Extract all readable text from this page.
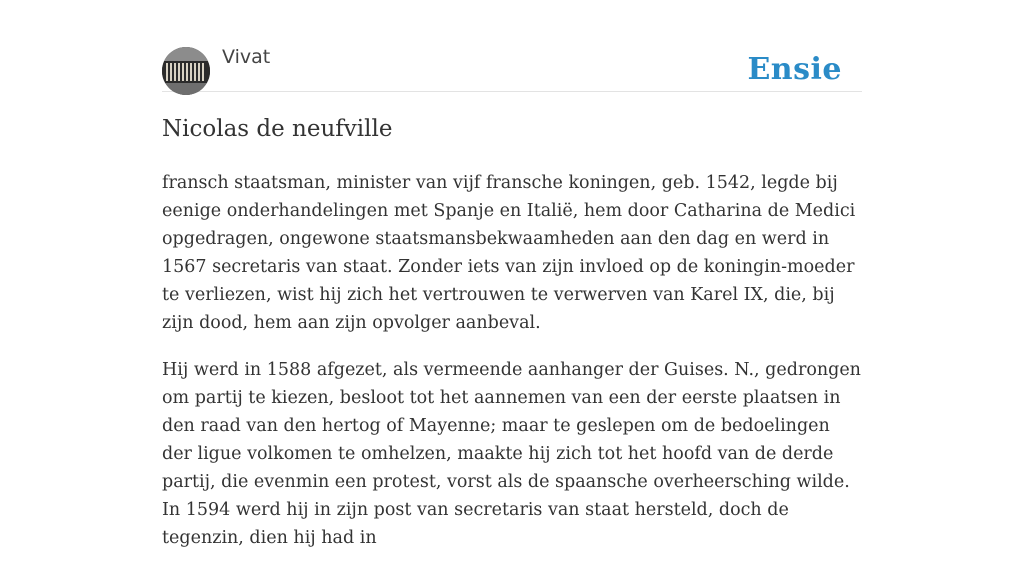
Vivat	Ensie
Nicolas de neufville

fransch staatsman, minister van vijf fransche koningen, geb. 1542, legde bij eenige onderhandelingen met Spanje en Italië, hem door Catharina de Medici opgedragen, ongewone staatsmansbekwaamheden aan den dag en werd in 1567 secretaris van staat. Zonder iets van zijn invloed op de koningin-moeder te verliezen, wist hij zich het vertrouwen te verwerven van Karel IX, die, bij zijn dood, hem aan zijn opvolger aanbeval.

Hij werd in 1588 afgezet, als vermeende aanhanger der Guises. N., gedrongen om partij te kiezen, besloot tot het aannemen van een der eerste plaatsen in den raad van den hertog of Mayenne; maar te geslepen om de bedoelingen der ligue volkomen te omhelzen, maakte hij zich tot het hoofd van de derde partij, die evenmin een protest, vorst als de spaansche overheersching wilde. In 1594 werd hij in zijn post van secretaris van staat hersteld, doch de tegenzin, dien hij had in
